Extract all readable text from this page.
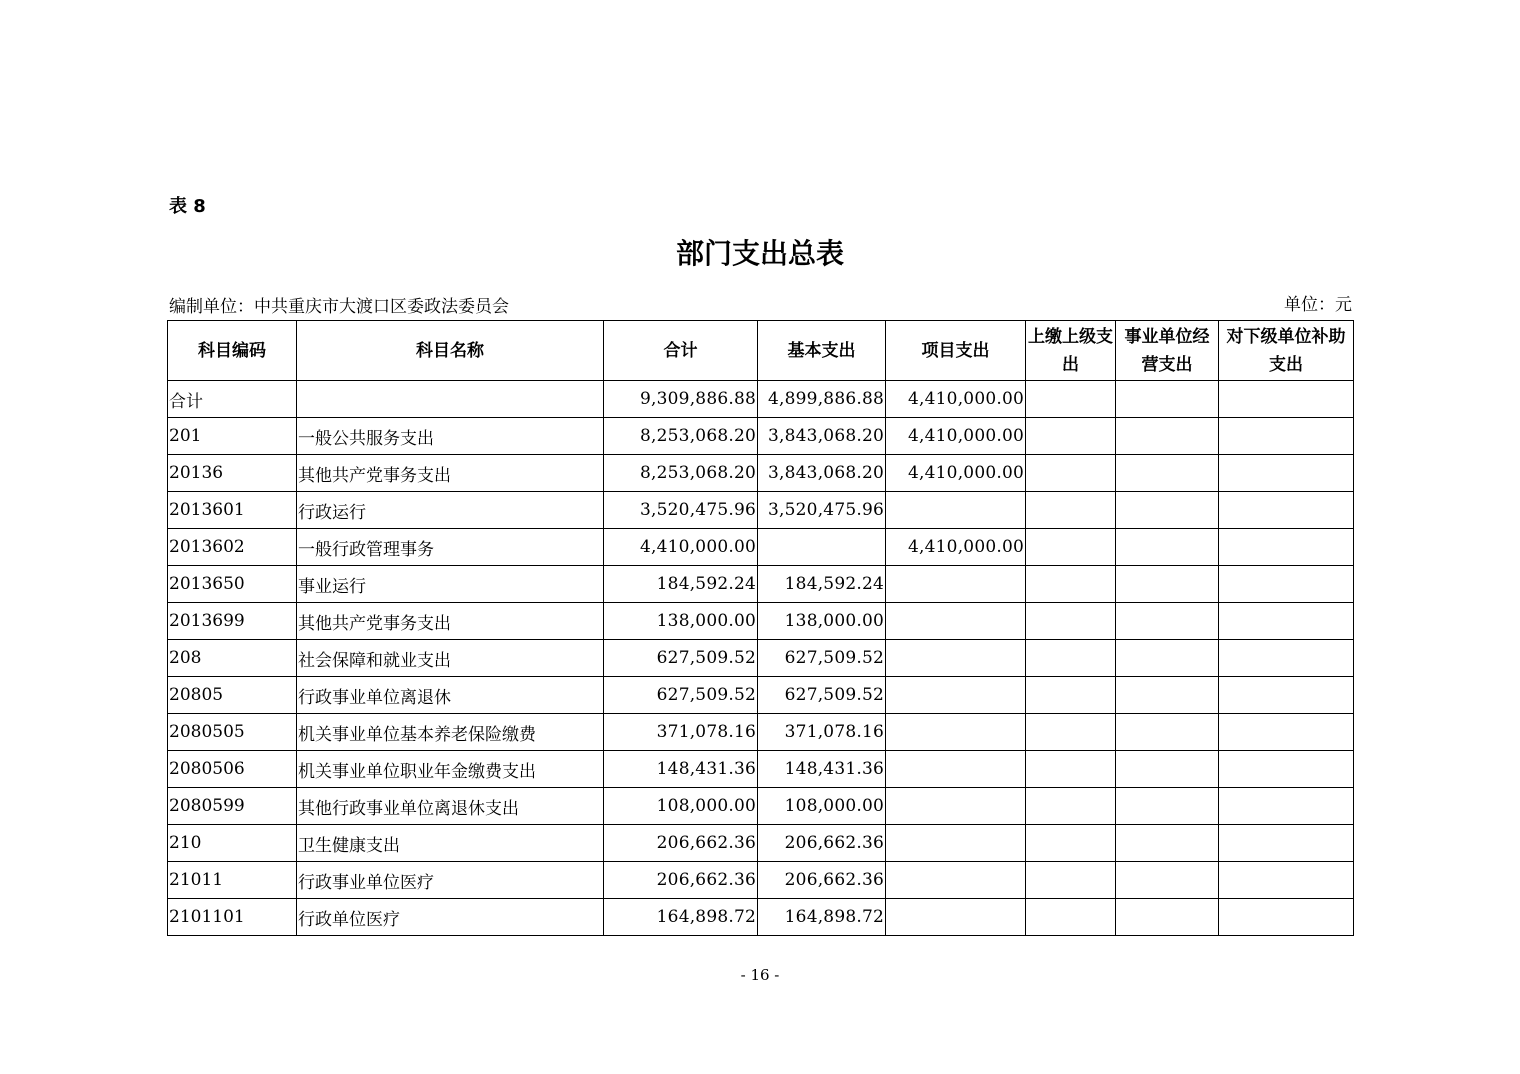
表 8
部门支出总表
编制单位：中共重庆市大渡口区委政法委员会	单位：元
科目编码	科目名称	合计	基本支出	项目支出	上缴上级支出	事业单位经营支出	对下级单位补助支出
合计		9,309,886.88	4,899,886.88	4,410,000.00			
201	一般公共服务支出	8,253,068.20	3,843,068.20	4,410,000.00			
20136	其他共产党事务支出	8,253,068.20	3,843,068.20	4,410,000.00			
2013601	行政运行	3,520,475.96	3,520,475.96				
2013602	一般行政管理事务	4,410,000.00		4,410,000.00			
2013650	事业运行	184,592.24	184,592.24				
2013699	其他共产党事务支出	138,000.00	138,000.00				
208	社会保障和就业支出	627,509.52	627,509.52				
20805	行政事业单位离退休	627,509.52	627,509.52				
2080505	机关事业单位基本养老保险缴费	371,078.16	371,078.16				
2080506	机关事业单位职业年金缴费支出	148,431.36	148,431.36				
2080599	其他行政事业单位离退休支出	108,000.00	108,000.00				
210	卫生健康支出	206,662.36	206,662.36				
21011	行政事业单位医疗	206,662.36	206,662.36				
2101101	行政单位医疗	164,898.72	164,898.72				
- 16 -
